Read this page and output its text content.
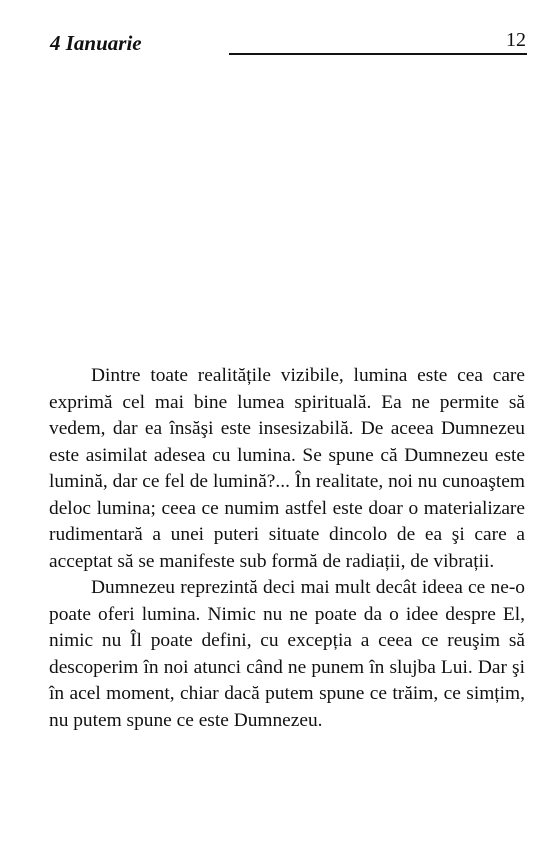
4 Ianuarie	12

Dintre toate realitățile vizibile, lumina este cea care exprimă cel mai bine lumea spirituală. Ea ne permite să vedem, dar ea însăşi este insesizabilă. De aceea Dumnezeu este asimilat adesea cu lumina. Se spune că Dumnezeu este lumină, dar ce fel de lumină?... În realitate, noi nu cunoaştem deloc lumina; ceea ce numim astfel este doar o materializare rudimentară a unei puteri situate dincolo de ea şi care a acceptat să se manifeste sub formă de radiații, de vibrații.

Dumnezeu reprezintă deci mai mult decât ideea ce ne-o poate oferi lumina. Nimic nu ne poate da o idee despre El, nimic nu Îl poate defini, cu excepția a ceea ce reuşim să descoperim în noi atunci când ne punem în slujba Lui. Dar şi în acel moment, chiar dacă putem spune ce trăim, ce simțim, nu putem spune ce este Dumnezeu.
